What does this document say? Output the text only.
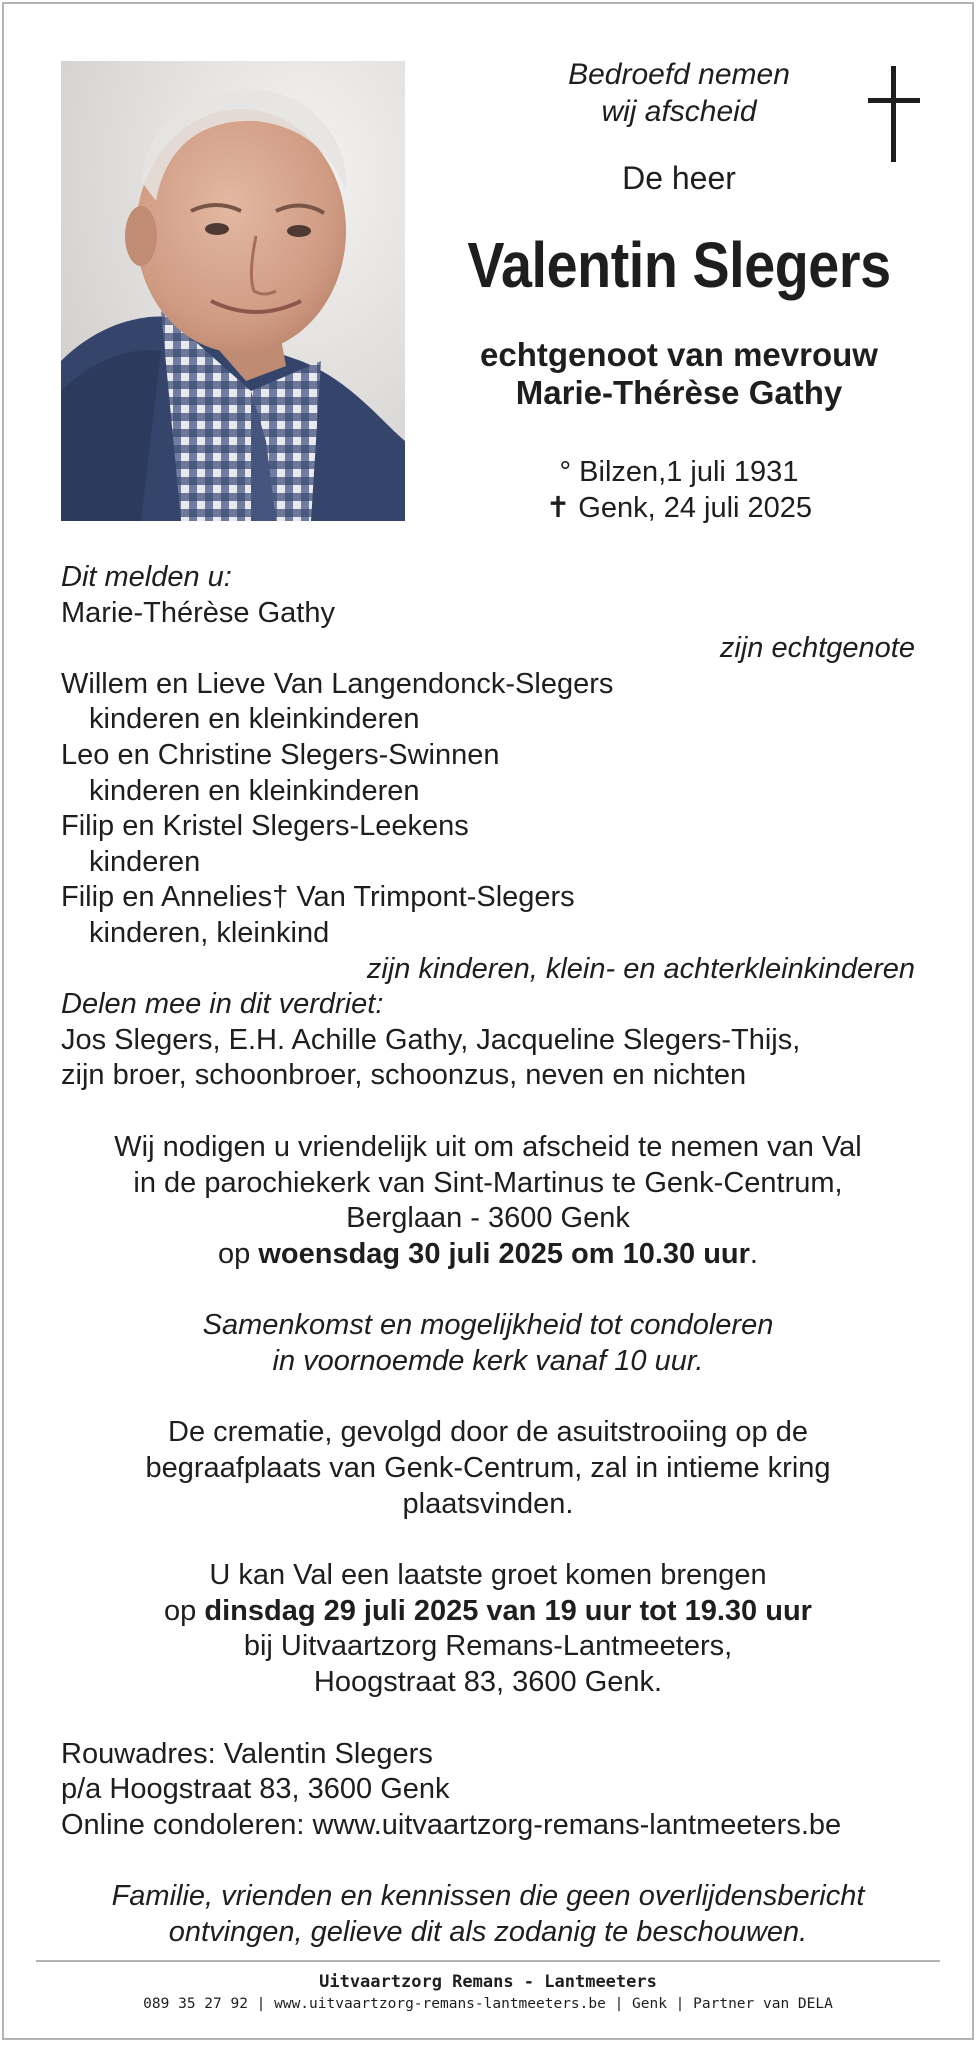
Bedroefd nemen
wij afscheid

De heer

Valentin Slegers

echtgenoot van mevrouw
Marie-Thérèse Gathy

° Bilzen,1 juli 1931
✝ Genk, 24 juli 2025

Dit melden u:

Marie-Thérèse Gathy

zijn echtgenote

Willem en Lieve Van Langendonck-Slegers

kinderen en kleinkinderen

Leo en Christine Slegers-Swinnen

kinderen en kleinkinderen

Filip en Kristel Slegers-Leekens

kinderen

Filip en Annelies† Van Trimpont-Slegers

kinderen, kleinkind

zijn kinderen, klein- en achterkleinkinderen

Delen mee in dit verdriet:

Jos Slegers, E.H. Achille Gathy, Jacqueline Slegers-Thijs,

zijn broer, schoonbroer, schoonzus, neven en nichten

Wij nodigen u vriendelijk uit om afscheid te nemen van Val

in de parochiekerk van Sint-Martinus te Genk-Centrum,

Berglaan - 3600 Genk

op woensdag 30 juli 2025 om 10.30 uur.

Samenkomst en mogelijkheid tot condoleren

in voornoemde kerk vanaf 10 uur.

De crematie, gevolgd door de asuitstrooiing op de

begraafplaats van Genk-Centrum, zal in intieme kring

plaatsvinden.

U kan Val een laatste groet komen brengen

op dinsdag 29 juli 2025 van 19 uur tot 19.30 uur

bij Uitvaartzorg Remans-Lantmeeters,

Hoogstraat 83, 3600 Genk.

Rouwadres: Valentin Slegers

p/a Hoogstraat 83, 3600 Genk

Online condoleren: www.uitvaartzorg-remans-lantmeeters.be

Familie, vrienden en kennissen die geen overlijdensbericht

ontvingen, gelieve dit als zodanig te beschouwen.

Uitvaartzorg Remans - Lantmeeters
089 35 27 92 | www.uitvaartzorg-remans-lantmeeters.be | Genk | Partner van DELA
